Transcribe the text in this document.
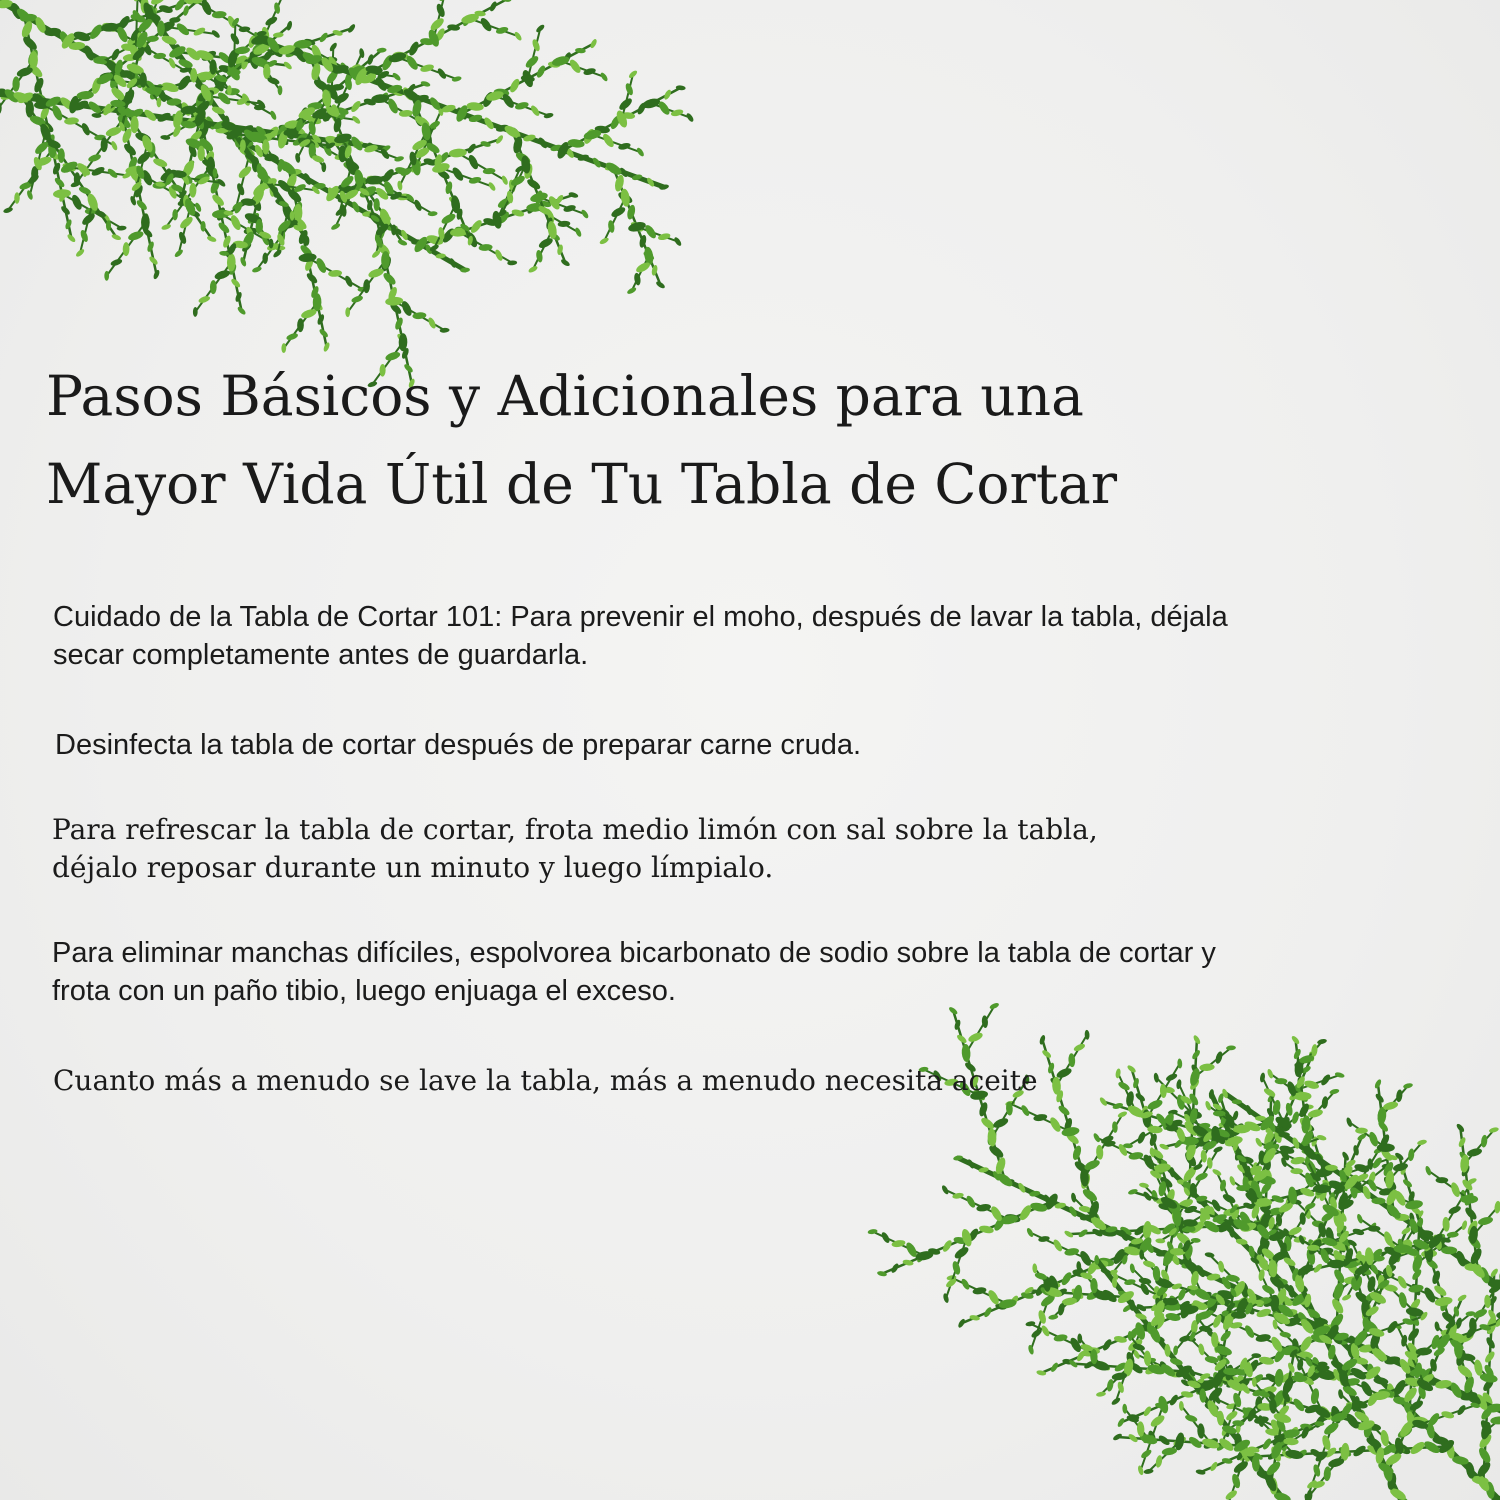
Pasos Básicos y Adicionales para una
Mayor Vida Útil de Tu Tabla de Cortar

Cuidado de la Tabla de Cortar 101: Para prevenir el moho, después de lavar la tabla, déjala
secar completamente antes de guardarla.

Desinfecta la tabla de cortar después de preparar carne cruda.

Para refrescar la tabla de cortar, frota medio limón con sal sobre la tabla,
déjalo reposar durante un minuto y luego límpialo.

Para eliminar manchas difíciles, espolvorea bicarbonato de sodio sobre la tabla de cortar y
frota con un paño tibio, luego enjuaga el exceso.

Cuanto más a menudo se lave la tabla, más a menudo necesita aceite
